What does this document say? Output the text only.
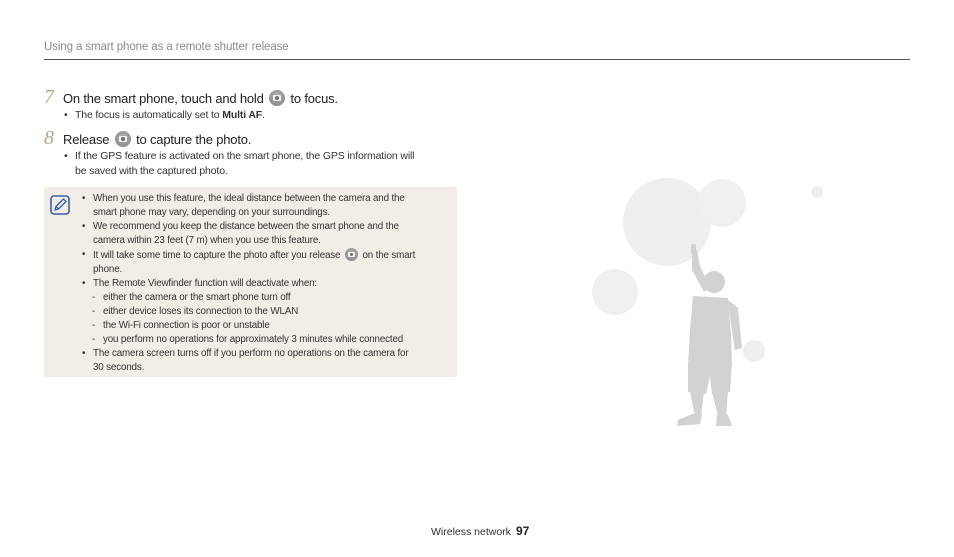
Using a smart phone as a remote shutter release
7 On the smart phone, touch and hold to focus.
• The focus is automatically set to Multi AF.
8 Release to capture the photo.
• If the GPS feature is activated on the smart phone, the GPS information will
be saved with the captured photo.
• When you use this feature, the ideal distance between the camera and the
smart phone may vary, depending on your surroundings.
• We recommend you keep the distance between the smart phone and the
camera within 23 feet (7 m) when you use this feature.
• It will take some time to capture the photo after you release on the smart
phone.
• The Remote Viewfinder function will deactivate when:
- either the camera or the smart phone turn off
- either device loses its connection to the WLAN
- the Wi-Fi connection is poor or unstable
- you perform no operations for approximately 3 minutes while connected
• The camera screen turns off if you perform no operations on the camera for
30 seconds.
Wireless network 97
